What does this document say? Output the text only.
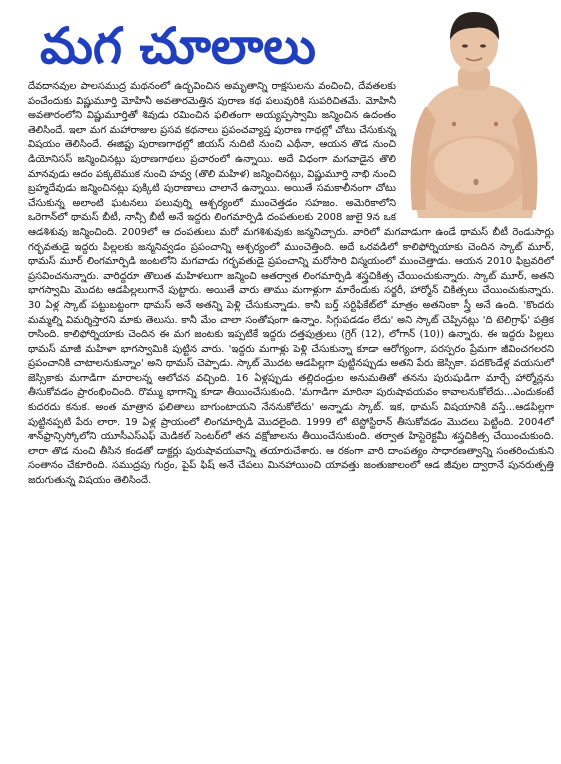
మగ చూలాలు

దేవదానవుల పాలసముద్ర మథనంలో ఉద్భవించిన అమృతాన్ని రాక్షసులను వంచించి, దేవతలకు పంచేందుకు విష్ణుమూర్తి మోహినీ అవతారమెత్తిన పురాణ కథ పలువురికి సుపరిచితమే. మోహినీ అవతారంలోని విష్ణుమూర్తితో శివుడు రమించిన ఫలితంగా అయ్యప్పస్వామి జన్మించిన ఉదంతం తెలిసిందే. ఇలా మగ మహారాజుల ప్రసవ కథనాలు ప్రపంచవ్యాప్త పురాణ గాథల్లో చోటు చేసుకున్న విషయం తెలిసిందే. ఈజిప్టు పురాణగాథల్లో జియస్ నుదిటి నుంచి ఎథీనా, ఆయన తొడ నుంచి డియోనిసస్ జన్మించినట్లు పురాణగాథలు ప్రచారంలో ఉన్నాయి. అదే విధంగా మగవాడైన తొలి మానవుడు ఆదం పక్కటెముక నుంచి హవ్వ (తొలి మహిళ) జన్మించినట్లు, విష్ణుమూర్తి నాభి నుంచి బ్రహ్మదేవుడు జన్మించినట్లు పుక్కిటి పురాణాలు చాలానే ఉన్నాయి. అయితే సమకాలీనంగా చోటు చేసుకున్న అలాంటి ఘటనలు పలువుర్ని ఆశ్చర్యంలో ముంచెత్తడం సహజం. అమెరికాలోని ఒరెగాన్‌లో థామస్ బీటీ, నాన్సీ బీటీ అనే ఇద్దరు లింగమార్పిడి దంపతులకు 2008 జులై 9న ఒక ఆడశిశువు జన్మించింది. 2009లో ఆ దంపతులు మరో మగశిశువుకు జన్మనిచ్చారు. వారిలో మగవాడుగా ఉండే థామస్ బీటీ రెండుసార్లు గర్భవతుడై ఇద్దరు పిల్లలకు జన్మనివ్వడం ప్రపంచాన్ని ఆశ్చర్యంలో ముంచెత్తింది. అదే ఒరవడిలో కాలిఫోర్నియాకు చెందిన స్కాట్ మూర్, థామస్ మూర్ లింగమార్పిడి జంటలోని మగవాడు గర్భవతుడై ప్రపంచాన్ని మరోసారి విస్మయంలో ముంచెత్తాడు. ఆయన 2010 ఫిబ్రవరిలో ప్రసవించనున్నారు. వారిద్దరూ తొలుత మహిళలుగా జన్మించి ఆతర్వాత లింగమార్పిడి శస్త్రచికిత్స చేయించుకున్నారు. స్కాట్ మూర్, అతని భాగస్వామి మొదట ఆడపిల్లలుగానే పుట్టారు. అయితే వారు తాము మగాళ్లుగా మారేందుకు సర్జరీ, హార్మోన్ చికిత్సలు చేయించుకున్నారు. 30 ఏళ్ల స్కాట్ పట్టుబట్టంగా థామస్ అనే అతన్ని పెళ్లి చేసుకున్నాడు. కానీ బర్త్ సర్టిఫికేట్‌లో మాత్రం అతనింకా స్త్రీ అనే ఉంది. 'కొందరు మమ్మల్ని విమర్శిస్తారని మాకు తెలుసు. కానీ మేం చాలా సంతోషంగా ఉన్నాం. సిగ్గుపడడం లేదు' అని స్కాట్ చెప్పినట్లు 'ది టెలిగ్రాఫ్' పత్రిక రాసింది. కాలిఫోర్నియాకు చెందిన ఈ మగ జంటకు ఇప్పటికే ఇద్దరు దత్తపుత్రులు (గ్రెగ్ (12), లోగాన్ (10)) ఉన్నారు. ఈ ఇద్దరు పిల్లలు థామస్ మాజీ మహిళా భాగస్వామికి పుట్టిన వారు. 'ఇద్దరు మగాళ్లు పెళ్లి చేసుకున్నా కూడా ఆరోగ్యంగా, పరస్పరం ప్రేమగా జీవించగలరని ప్రపంచానికి చాటాలనుకున్నాం' అని థామస్ చెప్పాడు. స్కాట్ మొదట ఆడపిల్లగా పుట్టినప్పుడు అతని పేరు జెస్సికా. పదకొండేళ్ల వయసులో జెస్సికాకు మగాడిగా మారాలన్న ఆలోచన వచ్చింది. 16 ఏళ్లప్పుడు తల్లిదండ్రుల అనుమతితో తనను పురుషుడిగా మార్చే హార్మోన్లను తీసుకోవడం ప్రారంభించింది. రొమ్ము భాగాన్ని కూడా తీయించేసుకుంది. 'మగాడిగా మారినా పురుషావయవం కావాలనుకోలేదు...ఎందుకంటే కుదరదు కనుక. అంత మాత్రాన ఫలితాలు బాగుంటాయని నేననుకోలేదు' అన్నాడు స్కాట్. ఇక, థామస్ విషయానికి వస్తే...ఆడపిల్లగా పుట్టినప్పటి పేరు లారా. 19 ఏళ్ల ప్రాయంలో లింగమార్పిడి మొదలైంది. 1999 లో టెస్టోస్టిరాన్ తీసుకోవడం మొదలు పెట్టింది. 2004లో శాన్‌ఫ్రాన్సిస్కోలోని యూసీఎస్‌ఎఫ్ మెడికల్ సెంటర్‌లో తన వక్షోజాలను తీయించేసుకుంది. తర్వాత హిస్టెరెక్టమీ శస్త్రచికిత్స చేయించుకుంది. లారా తొడ నుంచి తీసిన కండతో డాక్టర్లు పురుషావయవాన్ని తయారుచేశారు. ఆ రకంగా వారి దాంపత్యం సాధారణత్వాన్ని సంతరించుకుని సంతానం చేకూరింది. సముద్రపు గుర్రం, పైప్ ఫిష్ అనే చేపలు మినహాయించి యావత్తు జంతుజాలంలో ఆడ జీవుల ద్వారానే పునరుత్పత్తి జరుగుతున్న విషయం తెలిసిందే.
